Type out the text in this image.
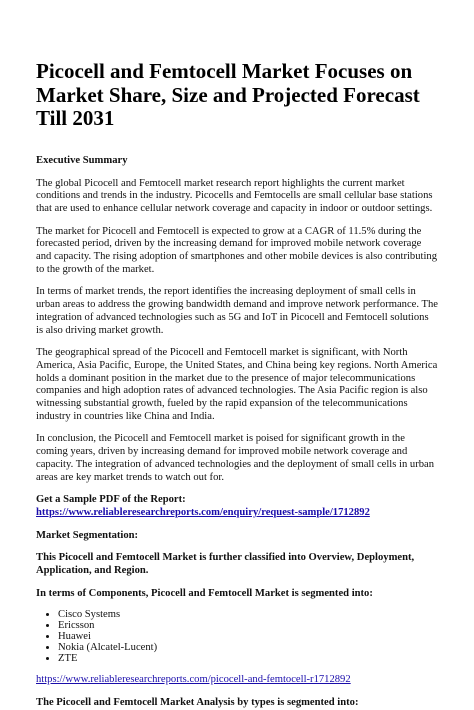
Picocell and Femtocell Market Focuses on Market Share, Size and Projected Forecast Till 2031
Executive Summary

The global Picocell and Femtocell market research report highlights the current market conditions and trends in the industry. Picocells and Femtocells are small cellular base stations that are used to enhance cellular network coverage and capacity in indoor or outdoor settings.

The market for Picocell and Femtocell is expected to grow at a CAGR of 11.5% during the forecasted period, driven by the increasing demand for improved mobile network coverage and capacity. The rising adoption of smartphones and other mobile devices is also contributing to the growth of the market.

In terms of market trends, the report identifies the increasing deployment of small cells in urban areas to address the growing bandwidth demand and improve network performance. The integration of advanced technologies such as 5G and IoT in Picocell and Femtocell solutions is also driving market growth.

The geographical spread of the Picocell and Femtocell market is significant, with North America, Asia Pacific, Europe, the United States, and China being key regions. North America holds a dominant position in the market due to the presence of major telecommunications companies and high adoption rates of advanced technologies. The Asia Pacific region is also witnessing substantial growth, fueled by the rapid expansion of the telecommunications industry in countries like China and India.

In conclusion, the Picocell and Femtocell market is poised for significant growth in the coming years, driven by increasing demand for improved mobile network coverage and capacity. The integration of advanced technologies and the deployment of small cells in urban areas are key market trends to watch out for.

Get a Sample PDF of the Report: https://www.reliableresearchreports.com/enquiry/request-sample/1712892

Market Segmentation:

This Picocell and Femtocell Market is further classified into Overview, Deployment, Application, and Region.

In terms of Components, Picocell and Femtocell Market is segmented into:

• Cisco Systems
• Ericsson
• Huawei
• Nokia (Alcatel-Lucent)
• ZTE

https://www.reliableresearchreports.com/picocell-and-femtocell-r1712892

The Picocell and Femtocell Market Analysis by types is segmented into:
